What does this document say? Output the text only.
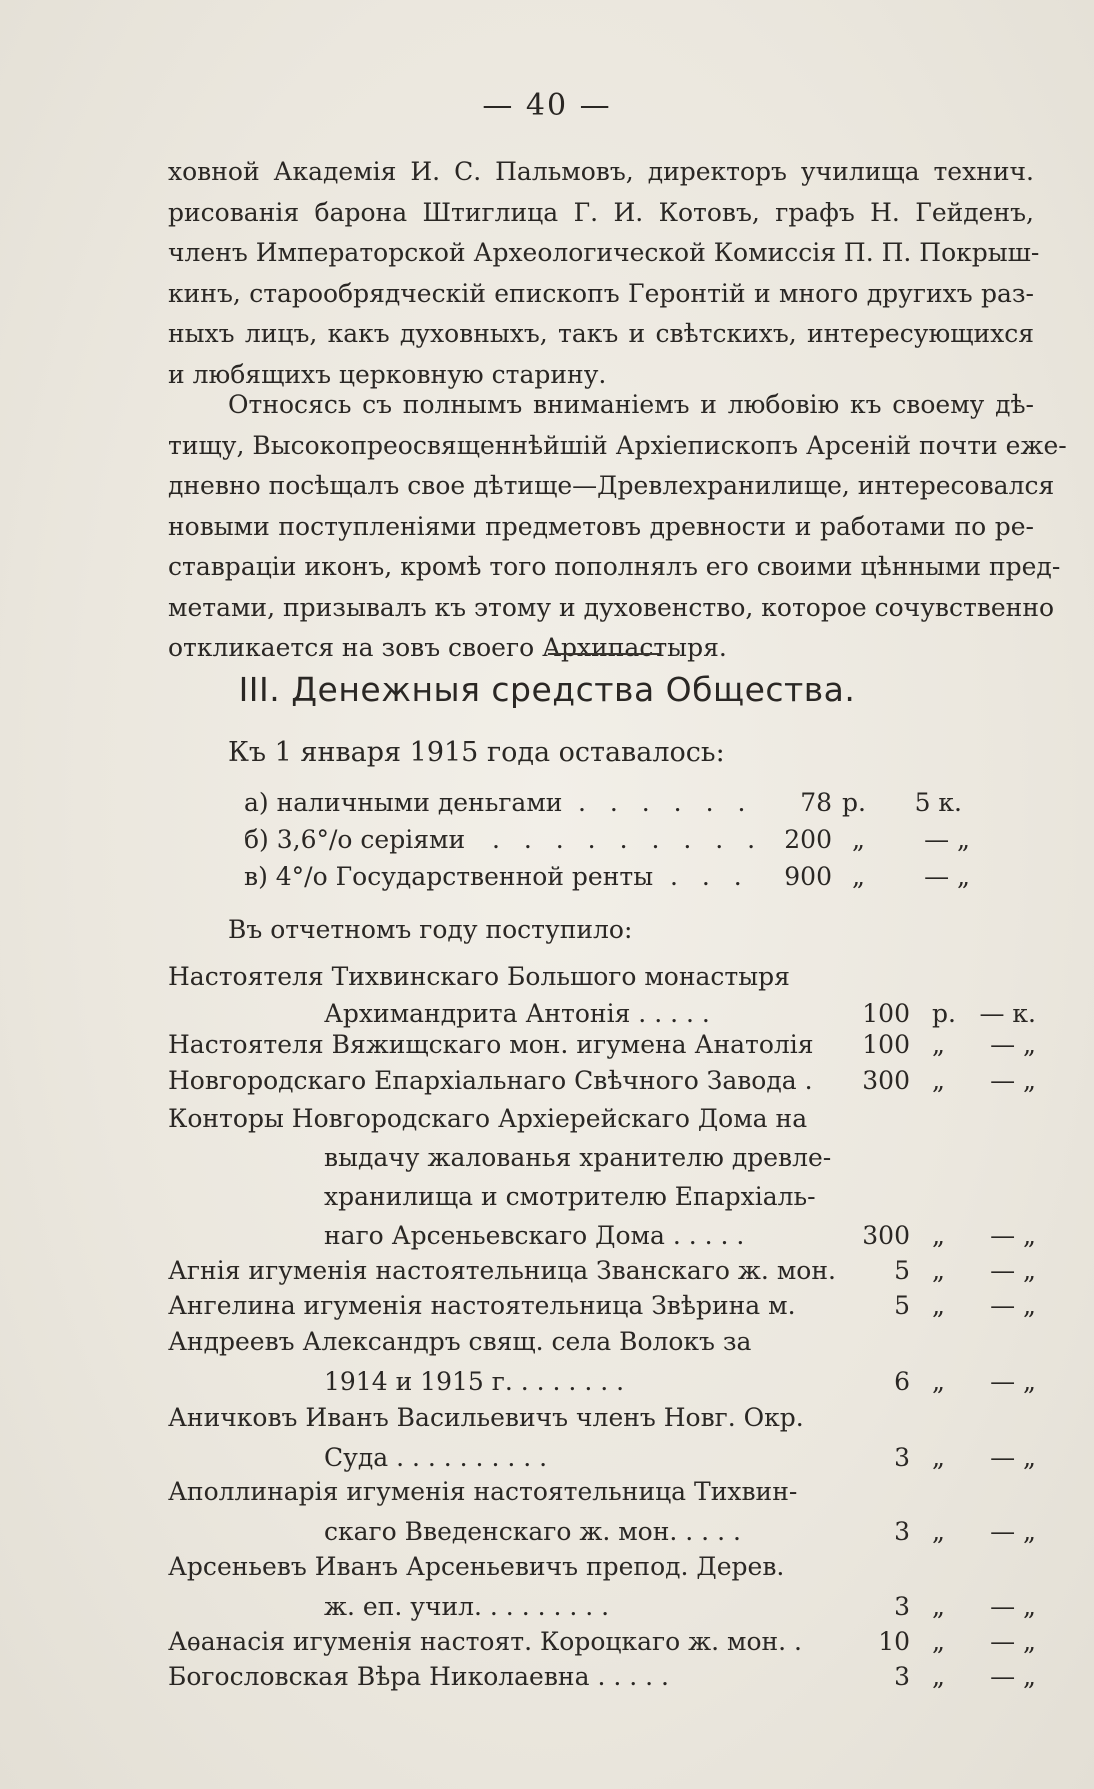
— 40 —
ховной Академія И. С. Пальмовъ, директоръ училища технич.
рисованія барона Штиглица Г. И. Котовъ, графъ Н. Гейденъ,
членъ Императорской Археологической Комиссія П. П. Покрыш-
кинъ, старообрядческій епископъ Геронтій и много другихъ раз-
ныхъ лицъ, какъ духовныхъ, такъ и свѣтскихъ, интересующихся
и любящихъ церковную старину.
Относясь съ полнымъ вниманіемъ и любовію къ своему дѣ-
тищу, Высокопреосвященнѣйшій Архіепископъ Арсеній почти еже-
дневно посѣщалъ свое дѣтище—Древлехранилище, интересовался
новыми поступленіями предметовъ древности и работами по ре-
ставраціи иконъ, кромѣ того пополнялъ его своими цѣнными пред-
метами, призывалъ къ этому и духовенство, которое сочувственно
откликается на зовъ своего Архипастыря.
III. Денежныя средства Общества.
Къ 1 января 1915 года оставалось:
а) наличными деньгами . . . . . .	78 р.	5 к.
б) 3,6°/о серіями . . . . . . . . . 200 „	— „
в) 4°/о Государственной ренты . . .	900 „	— „
Въ отчетномъ году поступило:
Настоятеля Тихвинскаго Большого монастыря
Архимандрита Антонія . . . . .	100 р. — к.
Настоятеля Вяжищскаго мон. игумена Анатолія	100 „	— „
Новгородскаго Епархіальнаго Свѣчного Завода .	300 „	— „
Конторы Новгородскаго Архіерейскаго Дома на
выдачу жалованья хранителю древле-
хранилища и смотрителю Епархіаль-
наго Арсеньевскаго Дома . . . . .	300 „	— „
Агнія игуменія настоятельница Званскаго ж. мон.	5 „	— „
Ангелина игуменія настоятельница Звѣрина м.	5 „	— „
Андреевъ Александръ свящ. села Волокъ за
1914 и 1915 г. . . . . . . .	6 „	— „
Аничковъ Иванъ Васильевичъ членъ Новг. Окр.
Суда . . . . . . . . . .	3 „	— „
Аполлинарія игуменія настоятельница Тихвин-
скаго Введенскаго ж. мон. . . . .	3 „	— „
Арсеньевъ Иванъ Арсеньевичъ препод. Дерев.
ж. еп. учил. . . . . . . . .	3 „	— „
Аѳанасія игуменія настоят. Короцкаго ж. мон. .	10 „	— „
Богословская Вѣра Николаевна . . . . .	3 „	— „
